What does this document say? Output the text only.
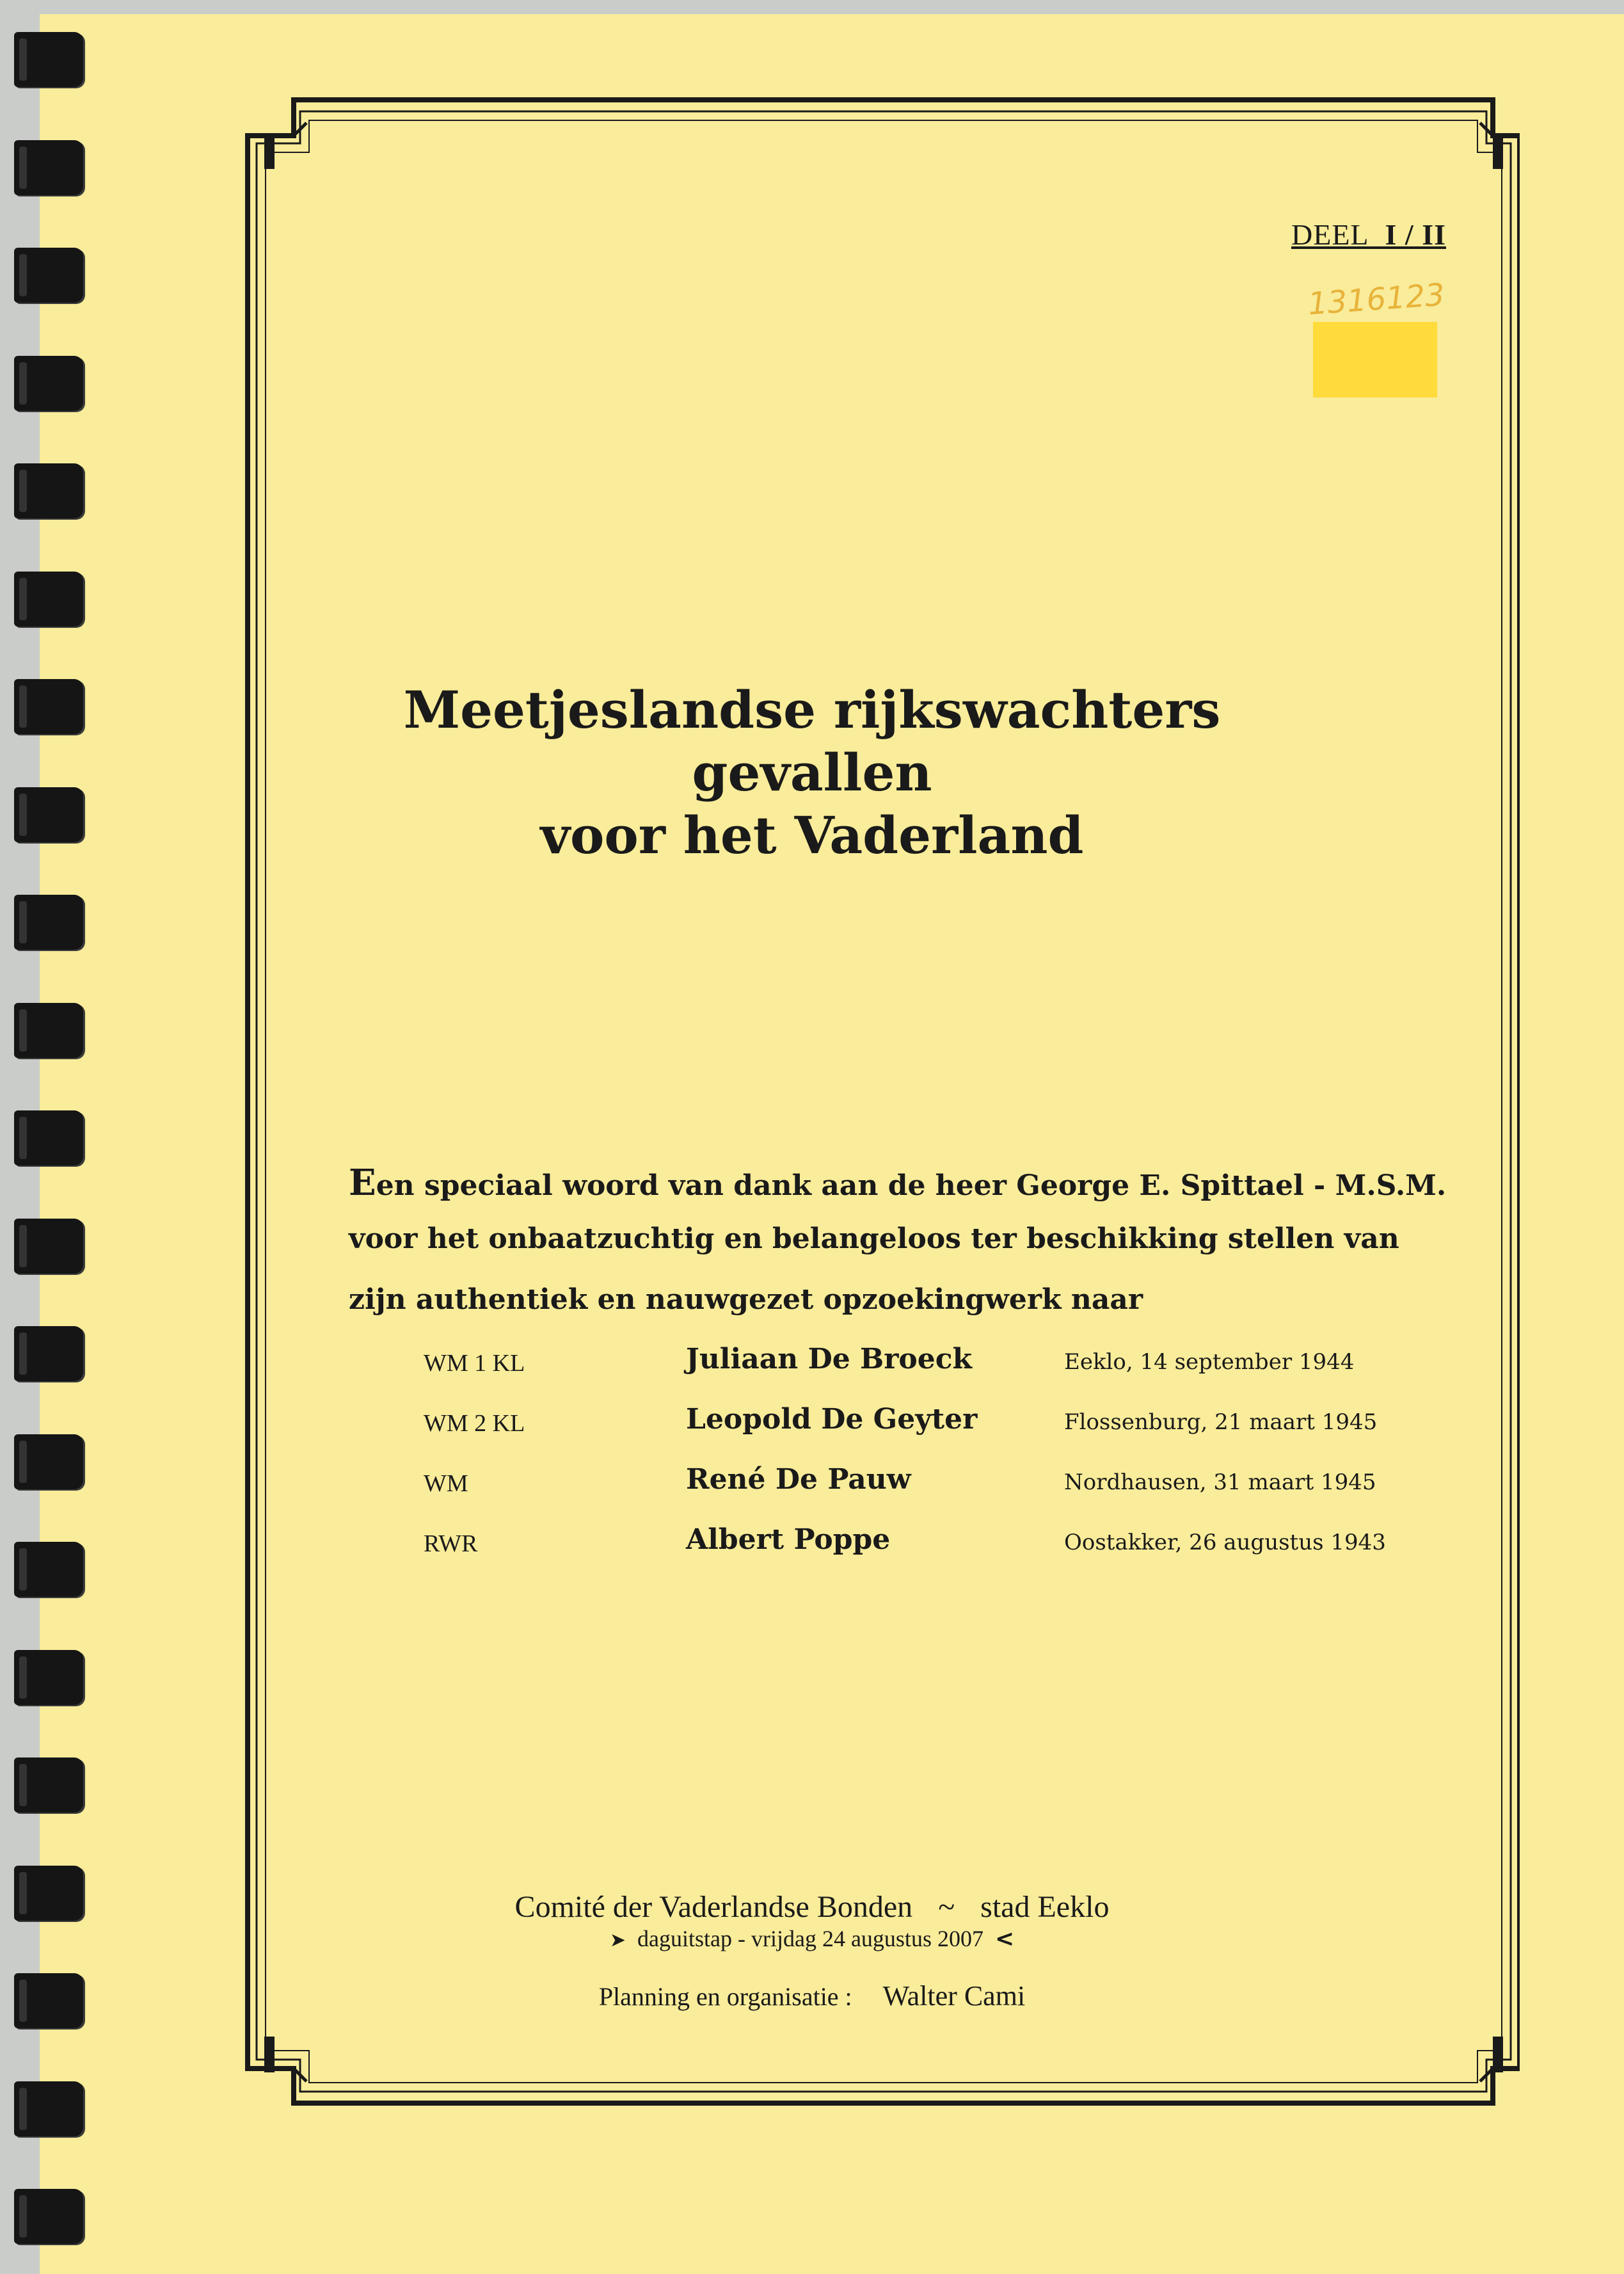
DEEL I / II
1316123
Meetjeslandse rijkswachters
gevallen
voor het Vaderland
Een speciaal woord van dank aan de heer George E. Spittael - M.S.M.
voor het onbaatzuchtig en belangeloos ter beschikking stellen van
zijn authentiek en nauwgezet opzoekingwerk naar
WM 1 KL	Juliaan De Broeck	Eeklo, 14 september 1944
WM 2 KL	Leopold De Geyter	Flossenburg, 21 maart 1945
WM	René De Pauw	Nordhausen, 31 maart 1945
RWR	Albert Poppe	Oostakker, 26 augustus 1943
Comité der Vaderlandse Bonden ~ stad Eeklo
➤ daguitstap - vrijdag 24 augustus 2007 <
Planning en organisatie : Walter Cami
